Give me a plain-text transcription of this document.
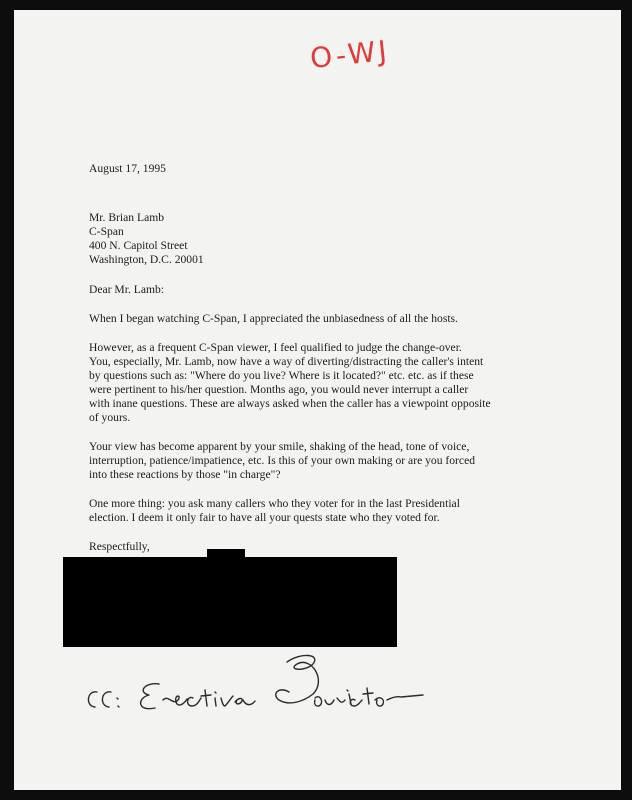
O-WJ
August 17, 1995
Mr. Brian Lamb
C-Span
400 N. Capitol Street
Washington, D.C. 20001
Dear Mr. Lamb:
When I began watching C-Span, I appreciated the unbiasedness of all the hosts.
However, as a frequent C-Span viewer, I feel qualified to judge the change-over.
You, especially, Mr. Lamb, now have a way of diverting/distracting the caller's intent
by questions such as: "Where do you live? Where is it located?" etc. etc. as if these
were pertinent to his/her question. Months ago, you would never interrupt a caller
with inane questions. These are always asked when the caller has a viewpoint opposite
of yours.
Your view has become apparent by your smile, shaking of the head, tone of voice,
interruption, patience/impatience, etc. Is this of your own making or are you forced
into these reactions by those "in charge"?
One more thing: you ask many callers who they voter for in the last Presidential
election. I deem it only fair to have all your quests state who they voted for.
Respectfully,
